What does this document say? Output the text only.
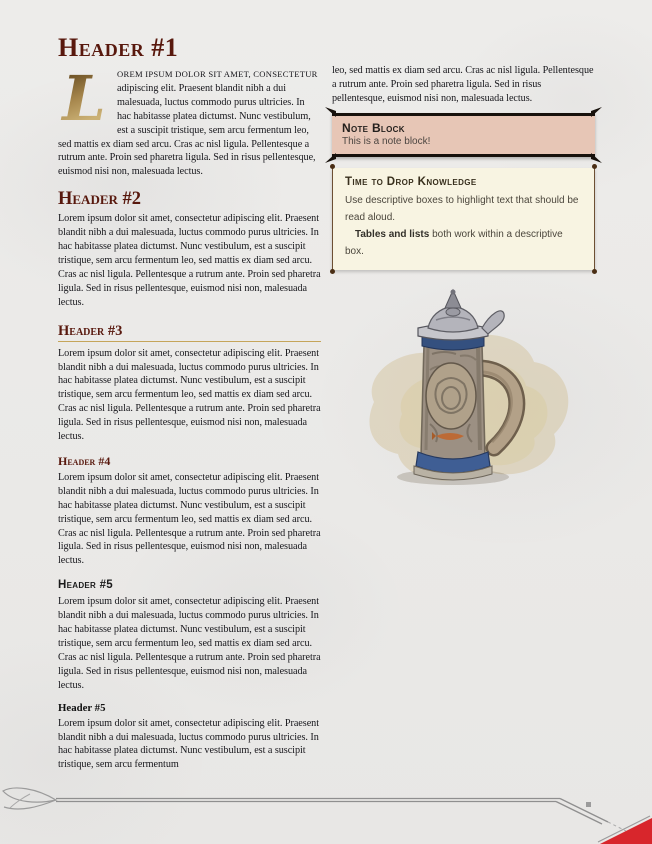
Header #1

L	OREM IPSUM DOLOR SIT AMET, CONSECTETUR adipiscing elit. Praesent blandit nibh a dui malesuada, luctus commodo purus ultricies. In hac habitasse platea dictumst. Nunc vestibulum, est a suscipit tristique, sem arcu fermentum leo, sed mattis ex diam sed arcu. Cras ac nisl ligula. Pellentesque a rutrum ante. Proin sed pharetra ligula. Sed in risus pellentesque, euismod nisi non, malesuada lectus.

Header #2

Lorem ipsum dolor sit amet, consectetur adipiscing elit. Praesent blandit nibh a dui malesuada, luctus commodo purus ultricies. In hac habitasse platea dictumst. Nunc vestibulum, est a suscipit tristique, sem arcu fermentum leo, sed mattis ex diam sed arcu. Cras ac nisl ligula. Pellentesque a rutrum ante. Proin sed pharetra ligula. Sed in risus pellentesque, euismod nisi non, malesuada lectus.

Header #3

Lorem ipsum dolor sit amet, consectetur adipiscing elit. Praesent blandit nibh a dui malesuada, luctus commodo purus ultricies. In hac habitasse platea dictumst. Nunc vestibulum, est a suscipit tristique, sem arcu fermentum leo, sed mattis ex diam sed arcu. Cras ac nisl ligula. Pellentesque a rutrum ante. Proin sed pharetra ligula. Sed in risus pellentesque, euismod nisi non, malesuada lectus.

Header #4

Lorem ipsum dolor sit amet, consectetur adipiscing elit. Praesent blandit nibh a dui malesuada, luctus commodo purus ultricies. In hac habitasse platea dictumst. Nunc vestibulum, est a suscipit tristique, sem arcu fermentum leo, sed mattis ex diam sed arcu. Cras ac nisl ligula. Pellentesque a rutrum ante. Proin sed pharetra ligula. Sed in risus pellentesque, euismod nisi non, malesuada lectus.

Header #5

Lorem ipsum dolor sit amet, consectetur adipiscing elit. Praesent blandit nibh a dui malesuada, luctus commodo purus ultricies. In hac habitasse platea dictumst. Nunc vestibulum, est a suscipit tristique, sem arcu fermentum leo, sed mattis ex diam sed arcu. Cras ac nisl ligula. Pellentesque a rutrum ante. Proin sed pharetra ligula. Sed in risus pellentesque, euismod nisi non, malesuada lectus.

Header #5

Lorem ipsum dolor sit amet, consectetur adipiscing elit. Praesent blandit nibh a dui malesuada, luctus commodo purus ultricies. In hac habitasse platea dictumst. Nunc vestibulum, est a suscipit tristique, sem arcu fermentum

leo, sed mattis ex diam sed arcu. Cras ac nisl ligula. Pellentesque a rutrum ante. Proin sed pharetra ligula. Sed in risus pellentesque, euismod nisi non, malesuada lectus.

Note Block
This is a note block!
Time to Drop Knowledge
Use descriptive boxes to highlight text that should be read aloud.
Tables and lists both work within a descriptive box.
